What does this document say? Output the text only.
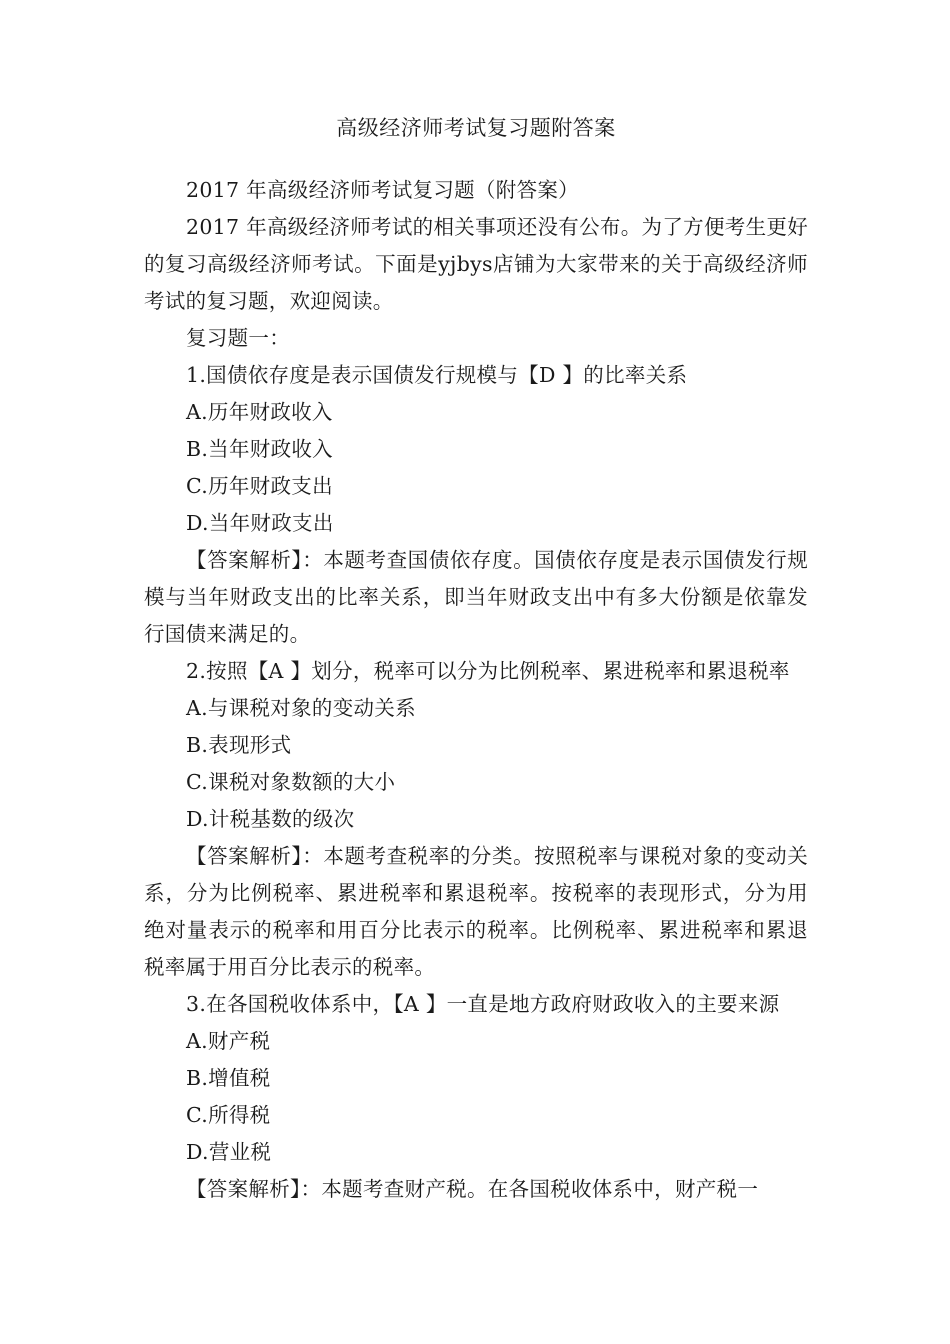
高级经济师考试复习题附答案

2017 年高级经济师考试复习题（附答案）

2017 年高级经济师考试的相关事项还没有公布。为了方便考生更好的复习高级经济师考试。下面是yjbys店铺为大家带来的关于高级经济师考试的复习题，欢迎阅读。

复习题一：

1.国债依存度是表示国债发行规模与【D 】的比率关系

A.历年财政收入

B.当年财政收入

C.历年财政支出

D.当年财政支出

【答案解析】：本题考查国债依存度。国债依存度是表示国债发行规模与当年财政支出的比率关系，即当年财政支出中有多大份额是依靠发行国债来满足的。

2.按照【A 】划分，税率可以分为比例税率、累进税率和累退税率

A.与课税对象的变动关系

B.表现形式

C.课税对象数额的大小

D.计税基数的级次

【答案解析】：本题考查税率的分类。按照税率与课税对象的变动关系，分为比例税率、累进税率和累退税率。按税率的表现形式，分为用绝对量表示的税率和用百分比表示的税率。比例税率、累进税率和累退税率属于用百分比表示的税率。

3.在各国税收体系中，【A 】一直是地方政府财政收入的主要来源

A.财产税

B.增值税

C.所得税

D.营业税

【答案解析】：本题考查财产税。在各国税收体系中，财产税一
